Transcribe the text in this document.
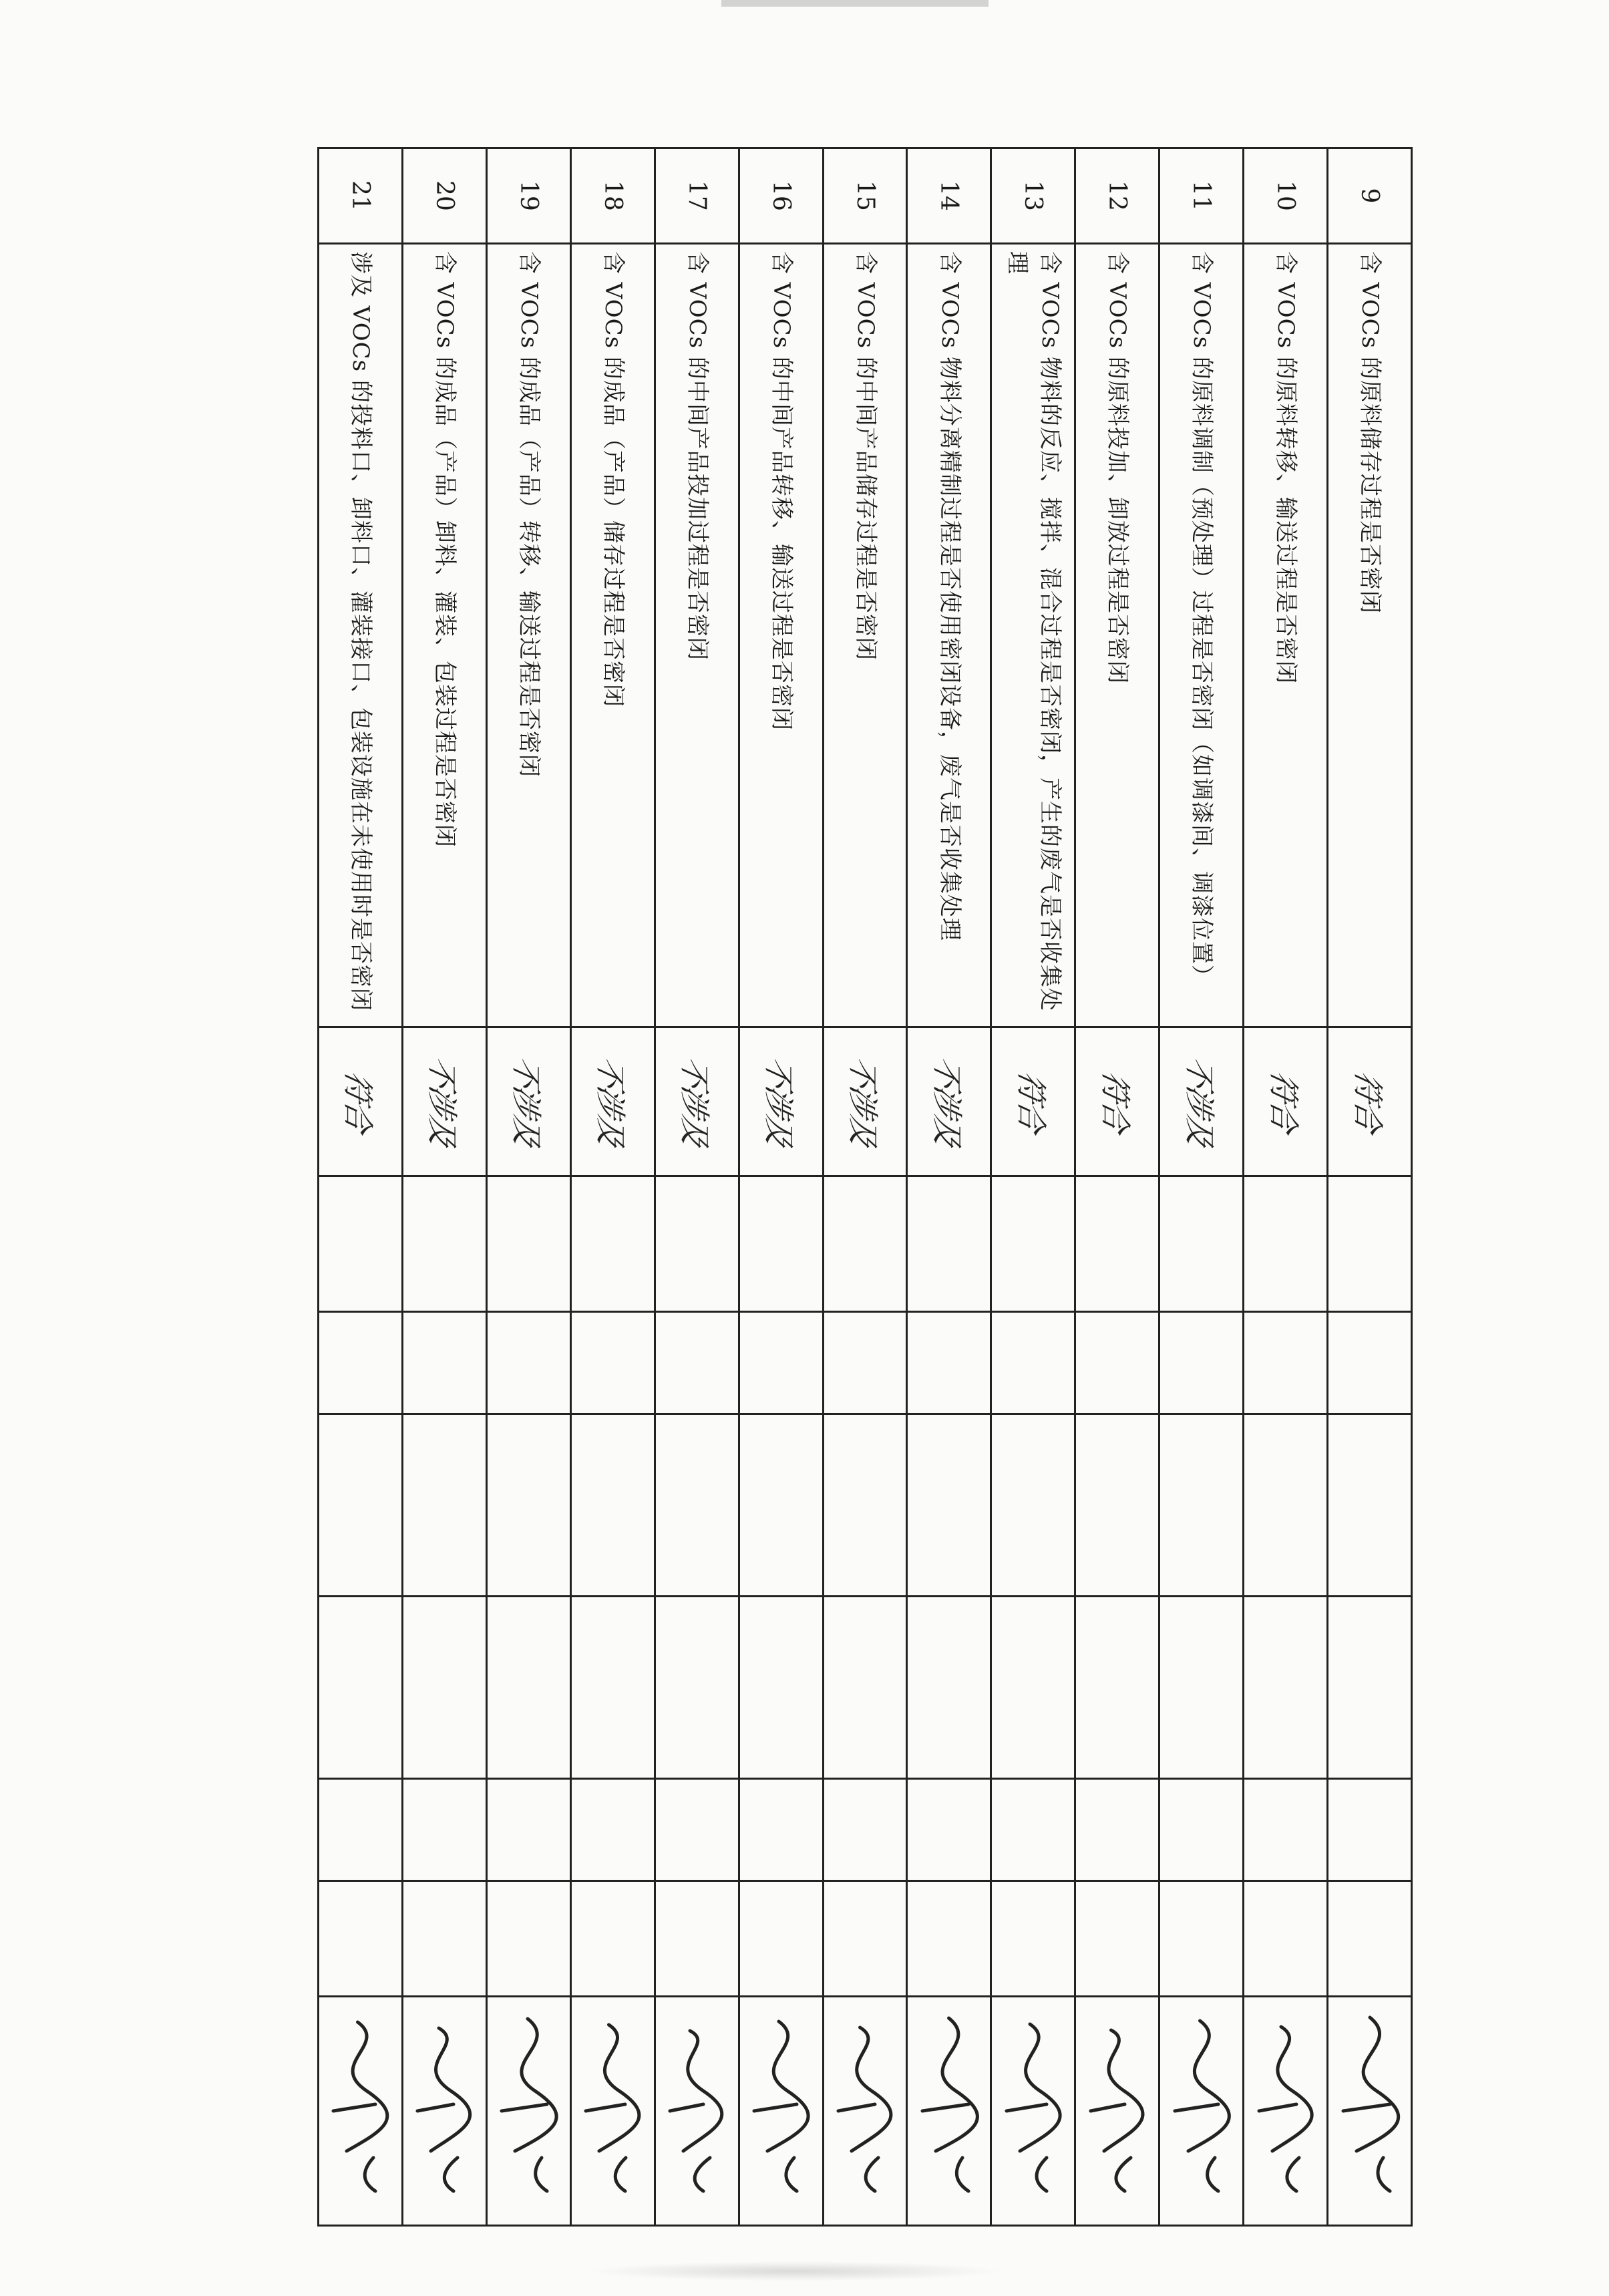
9	含 VOCs 的原料储存过程是否密闭	符合								

10	含 VOCs 的原料转移、输送过程是否密闭	符合								

11	含 VOCs 的原料调制（预处理）过程是否密闭（如调漆间、调漆位置）	不涉及								

12	含 VOCs 的原料投加、卸放过程是否密闭	符合								

13	含 VOCs 物料的反应、搅拌、混合过程是否密闭，产生的废气是否收集处理	符合								

14	含 VOCs 物料分离精制过程是否使用密闭设备，废气是否收集处理	不涉及								

15	含 VOCs 的中间产品储存过程是否密闭	不涉及								

16	含 VOCs 的中间产品转移、输送过程是否密闭	不涉及								

17	含 VOCs 的中间产品投加过程是否密闭	不涉及								

18	含 VOCs 的成品（产品）储存过程是否密闭	不涉及								

19	含 VOCs 的成品（产品）转移、输送过程是否密闭	不涉及								

20	含 VOCs 的成品（产品）卸料、灌装、包装过程是否密闭	不涉及								

21	涉及 VOCs 的投料口、卸料口、灌装接口、包装设施在未使用时是否密闭	符合								
